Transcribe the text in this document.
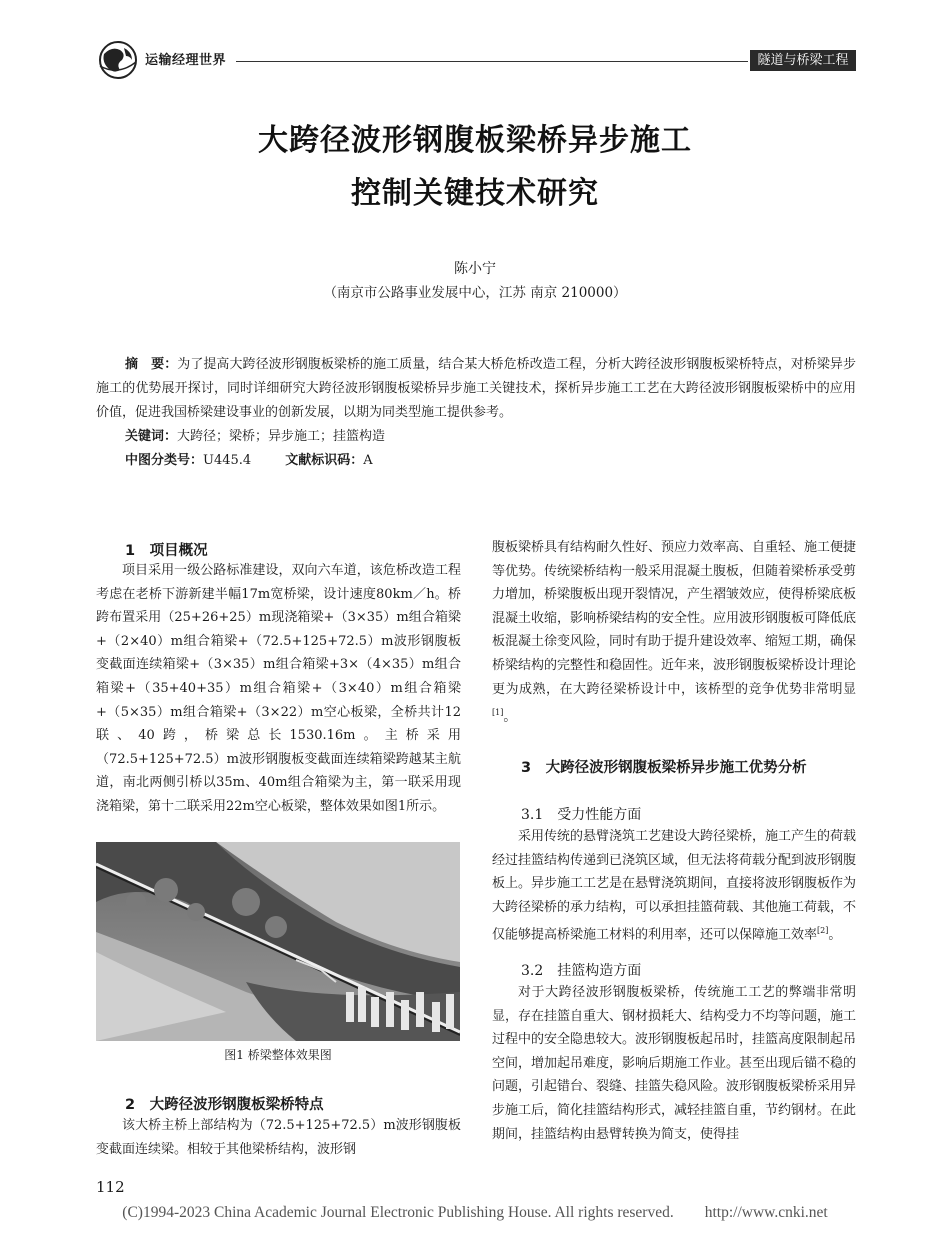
运输经理世界	隧道与桥梁工程
大跨径波形钢腹板梁桥异步施工
控制关键技术研究
陈小宁
（南京市公路事业发展中心，江苏 南京 210000）
摘　要：为了提高大跨径波形钢腹板梁桥的施工质量，结合某大桥危桥改造工程，分析大跨径波形钢腹板梁桥特点，对桥梁异步施工的优势展开探讨，同时详细研究大跨径波形钢腹板梁桥异步施工关键技术，探析异步施工工艺在大跨径波形钢腹板梁桥中的应用价值，促进我国桥梁建设事业的创新发展，以期为同类型施工提供参考。
关键词：大跨径；梁桥；异步施工；挂篮构造
中图分类号：U445.4	文献标识码：A
1　项目概况

项目采用一级公路标准建设，双向六车道，该危桥改造工程考虑在老桥下游新建半幅17m宽桥梁，设计速度80km／h。桥跨布置采用（25+26+25）m现浇箱梁+（3×35）m组合箱梁+（2×40）m组合箱梁+（72.5+125+72.5）m波形钢腹板变截面连续箱梁+（3×35）m组合箱梁+3×（4×35）m组合箱梁+（35+40+35）m组合箱梁+（3×40）m组合箱梁+（5×35）m组合箱梁+（3×22）m空心板梁，全桥共计12联、40跨，桥梁总长1530.16m。主桥采用（72.5+125+72.5）m波形钢腹板变截面连续箱梁跨越某主航道，南北两侧引桥以35m、40m组合箱梁为主，第一联采用现浇箱梁，第十二联采用22m空心板梁，整体效果如图1所示。

图1 桥梁整体效果图
2　大跨径波形钢腹板梁桥特点

该大桥主桥上部结构为（72.5+125+72.5）m波形钢腹板变截面连续梁。相较于其他梁桥结构，波形钢

腹板梁桥具有结构耐久性好、预应力效率高、自重轻、施工便捷等优势。传统梁桥结构一般采用混凝土腹板，但随着梁桥承受剪力增加，桥梁腹板出现开裂情况，产生褶皱效应，使得桥梁底板混凝土收缩，影响桥梁结构的安全性。应用波形钢腹板可降低底板混凝土徐变风险，同时有助于提升建设效率、缩短工期，确保桥梁结构的完整性和稳固性。近年来，波形钢腹板梁桥设计理论更为成熟，在大跨径梁桥设计中，该桥型的竞争优势非常明显[1]。

3　大跨径波形钢腹板梁桥异步施工优势分析
3.1　受力性能方面

采用传统的悬臂浇筑工艺建设大跨径梁桥，施工产生的荷载经过挂篮结构传递到已浇筑区域，但无法将荷载分配到波形钢腹板上。异步施工工艺是在悬臂浇筑期间，直接将波形钢腹板作为大跨径梁桥的承力结构，可以承担挂篮荷载、其他施工荷载，不仅能够提高桥梁施工材料的利用率，还可以保障施工效率[2]。

3.2　挂篮构造方面

对于大跨径波形钢腹板梁桥，传统施工工艺的弊端非常明显，存在挂篮自重大、钢材损耗大、结构受力不均等问题，施工过程中的安全隐患较大。波形钢腹板起吊时，挂篮高度限制起吊空间，增加起吊难度，影响后期施工作业。甚至出现后锚不稳的问题，引起错台、裂缝、挂篮失稳风险。波形钢腹板梁桥采用异步施工后，简化挂篮结构形式，减轻挂篮自重，节约钢材。在此期间，挂篮结构由悬臂转换为简支，使得挂

112
(C)1994-2023 China Academic Journal Electronic Publishing House. All rights reserved.　　http://www.cnki.net
